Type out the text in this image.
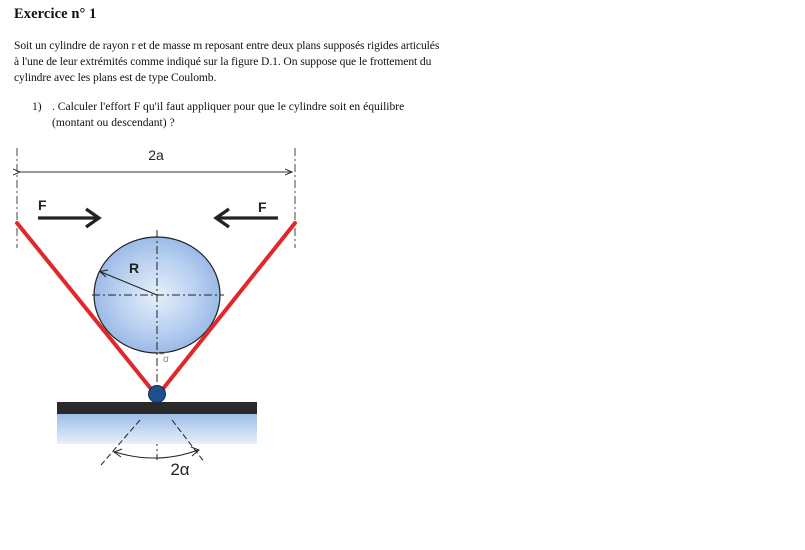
Exercice n° 1

Soit un cylindre de rayon r et de masse m reposant entre deux plans supposés rigides articulés

à l'une de leur extrémités comme indiqué sur la figure D.1. On suppose que le frottement du

cylindre avec les plans est de type Coulomb.

1) . Calculer l'effort F qu'il faut appliquer pour que le cylindre soit en équilibre
(montant ou descendant) ?
2a
F	F
R
α
2α
